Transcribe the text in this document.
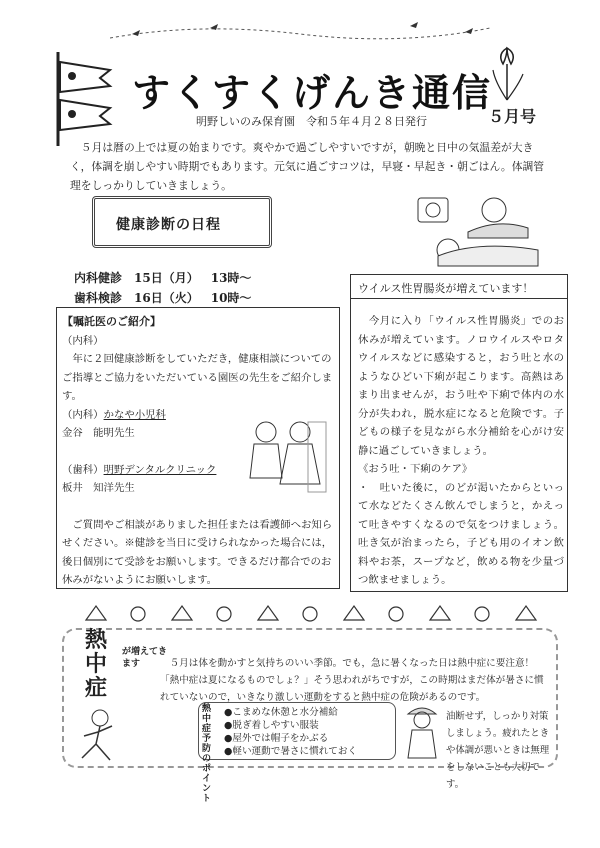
すくすくげんき通信
５月号
明野しいのみ保育園　令和５年４月２８日発行
　５月は暦の上では夏の始まりです。爽やかで過ごしやすいですが，朝晩と日中の気温差が大きく，体調を崩しやすい時期でもあります。元気に過ごすコツは，早寝・早起き・朝ごはん。体調管理をしっかりしていきましょう。
健康診断の日程
内科健診 15日（月） 13時～
歯科検診 16日（火） 10時～
【嘱託医のご紹介】
（内科）
　年に２回健康診断をしていただき，健康相談についてのご指導とご協力をいただいている園医の先生をご紹介します。
（内科）かなや小児科
金谷　能明先生
（歯科）明野デンタルクリニック
板井　知洋先生
　ご質問やご相談がありました担任または看護師へお知らせください。※健診を当日に受けられなかった場合には，後日個別にて受診をお願いします。できるだけ都合でのお休みがないようにお願いします。
ウイルス性胃腸炎が増えています！
　今月に入り「ウイルス性胃腸炎」でのお休みが増えています。ノロウイルスやロタウイルスなどに感染すると，おう吐と水のようなひどい下痢が起こります。高熱はあまり出ませんが，おう吐や下痢で体内の水分が失われ，脱水症になると危険です。子どもの様子を見ながら水分補給を心がけ安静に過ごしていきましょう。
《おう吐・下痢のケア》
・　吐いた後に，のどが渇いたからといって水などたくさん飲んでしまうと，かえって吐きやすくなるので気をつけましょう。吐き気が治まったら，子ども用のイオン飲料やお茶，スープなど，飲める物を少量づつ飲ませましょう。
熱
中
症
が増えてきます	　５月は体を動かすと気持ちのいい季節。でも，急に暑くなった日は熱中症に要注意！
「熱中症は夏になるものでしょ？」そう思われがちですが，この時期はまだ体が暑さに慣れていないので，いきなり激しい運動をすると熱中症の危険があるのです。
熱中症予防のポイント
●こまめな休憩と水分補給
●脱ぎ着しやすい服装
●屋外では帽子をかぶる
●軽い運動で暑さに慣れておく
油断せず，しっかり対策しましょう。疲れたときや体調が悪いときは無理をしないことも大切です。
